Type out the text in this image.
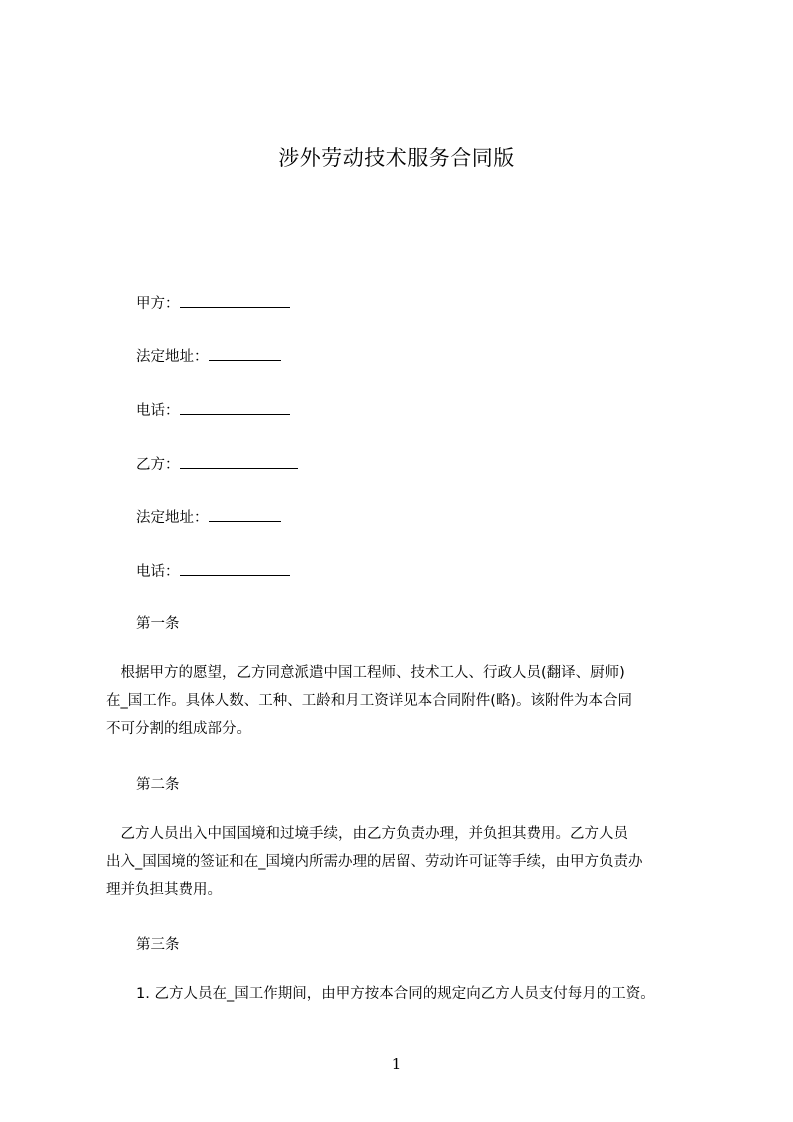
涉外劳动技术服务合同版
甲方：
法定地址：
电话：
乙方：
法定地址：
电话：
第一条
　根据甲方的愿望，乙方同意派遣中国工程师、技术工人、行政人员(翻译、厨师)
在_国工作。具体人数、工种、工龄和月工资详见本合同附件(略)。该附件为本合同
不可分割的组成部分。
第二条
　乙方人员出入中国国境和过境手续，由乙方负责办理，并负担其费用。乙方人员
出入_国国境的签证和在_国境内所需办理的居留、劳动许可证等手续，由甲方负责办
理并负担其费用。
第三条
1. 乙方人员在_国工作期间，由甲方按本合同的规定向乙方人员支付每月的工资。
1
